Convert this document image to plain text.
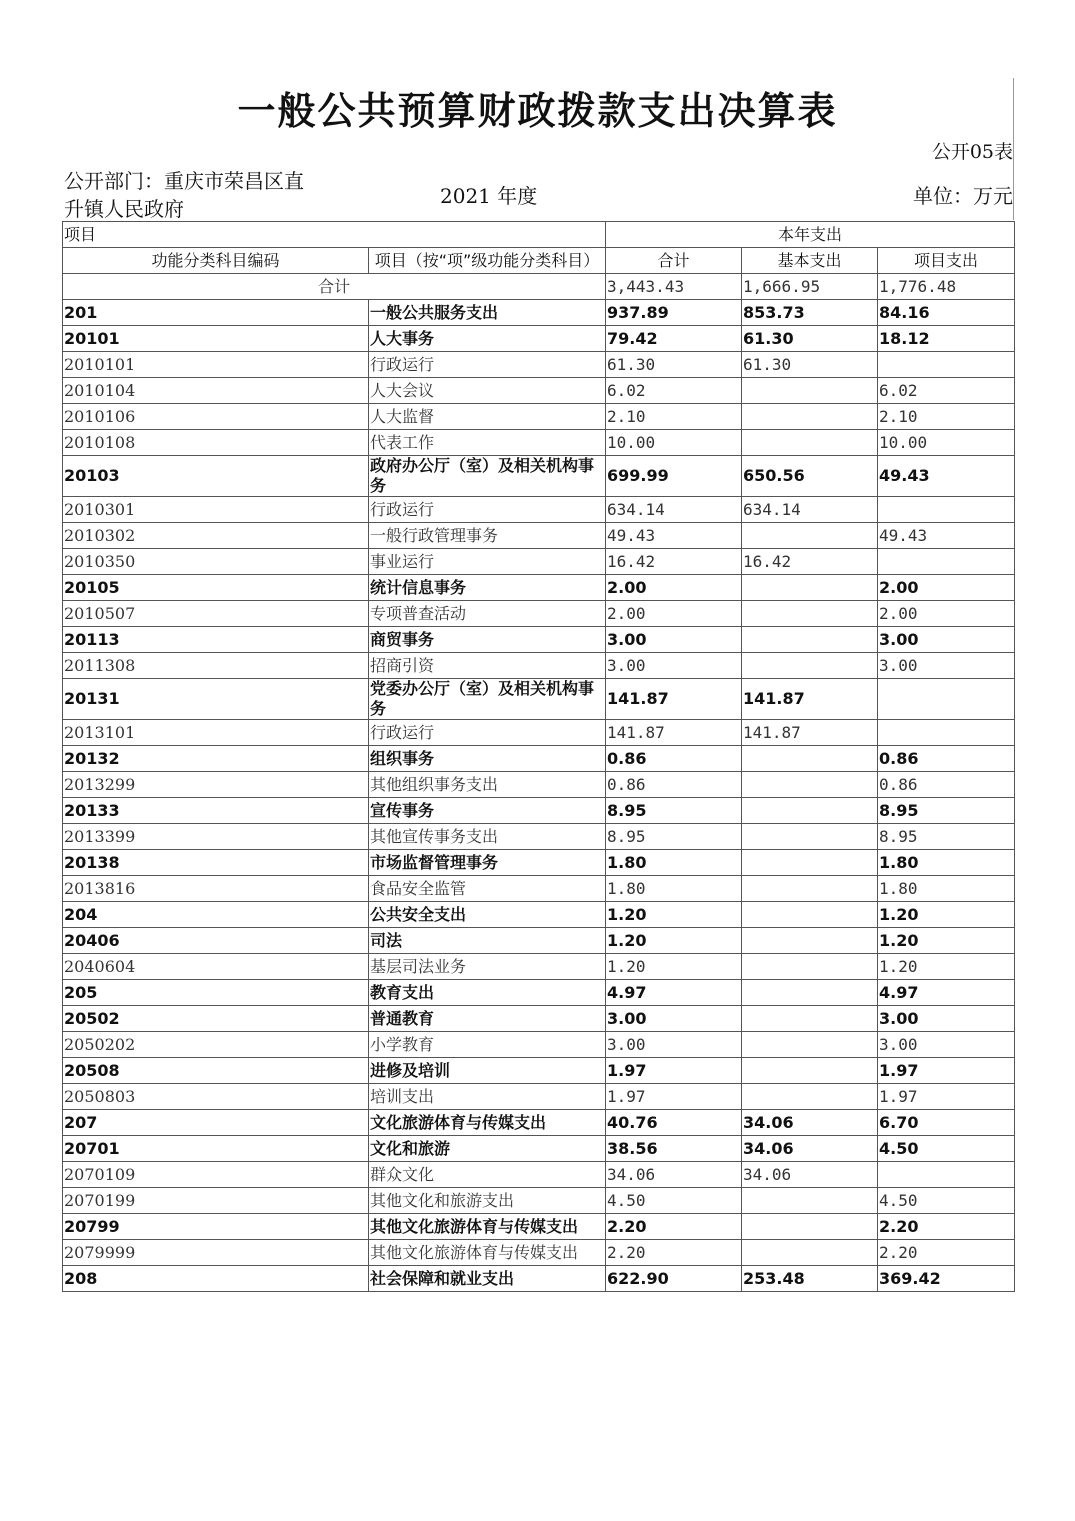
一般公共预算财政拨款支出决算表
公开05表
公开部门：重庆市荣昌区直
升镇人民政府
2021 年度	单位：万元
项目		本年支出		
功能分类科目编码	项目（按“项”级功能分类科目）	合计	基本支出	项目支出
合计		3,443.43	1,666.95	1,776.48
201	一般公共服务支出	937.89	853.73	84.16
20101	人大事务	79.42	61.30	18.12
2010101	行政运行	61.30	61.30	
2010104	人大会议	6.02		6.02
2010106	人大监督	2.10		2.10
2010108	代表工作	10.00		10.00
20103	政府办公厅（室）及相关机构事务	699.99	650.56	49.43
2010301	行政运行	634.14	634.14	
2010302	一般行政管理事务	49.43		49.43
2010350	事业运行	16.42	16.42	
20105	统计信息事务	2.00		2.00
2010507	专项普查活动	2.00		2.00
20113	商贸事务	3.00		3.00
2011308	招商引资	3.00		3.00
20131	党委办公厅（室）及相关机构事务	141.87	141.87	
2013101	行政运行	141.87	141.87	
20132	组织事务	0.86		0.86
2013299	其他组织事务支出	0.86		0.86
20133	宣传事务	8.95		8.95
2013399	其他宣传事务支出	8.95		8.95
20138	市场监督管理事务	1.80		1.80
2013816	食品安全监管	1.80		1.80
204	公共安全支出	1.20		1.20
20406	司法	1.20		1.20
2040604	基层司法业务	1.20		1.20
205	教育支出	4.97		4.97
20502	普通教育	3.00		3.00
2050202	小学教育	3.00		3.00
20508	进修及培训	1.97		1.97
2050803	培训支出	1.97		1.97
207	文化旅游体育与传媒支出	40.76	34.06	6.70
20701	文化和旅游	38.56	34.06	4.50
2070109	群众文化	34.06	34.06	
2070199	其他文化和旅游支出	4.50		4.50
20799	其他文化旅游体育与传媒支出	2.20		2.20
2079999	其他文化旅游体育与传媒支出	2.20		2.20
208	社会保障和就业支出	622.90	253.48	369.42
